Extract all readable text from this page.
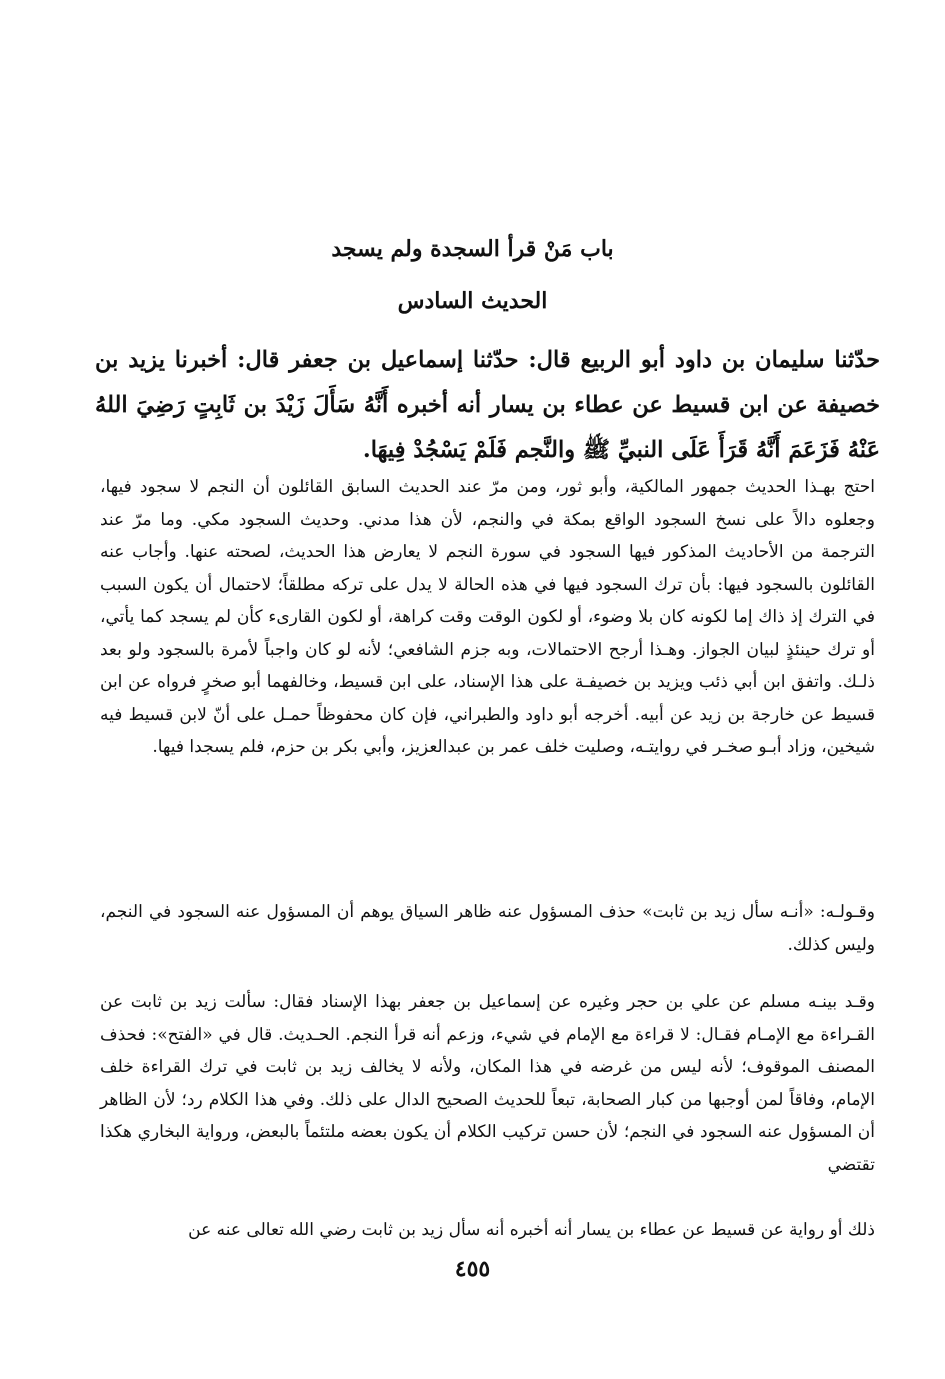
باب مَنْ قرأ السجدة ولم يسجد
الحديث السادس

حدّثنا سليمان بن داود أبو الربيع قال: حدّثنا إسماعيل بن جعفر قال: أخبرنا يزيد بن خصيفة عن ابن قسيط عن عطاء بن يسار أنه أخبره أَنَّهُ سَأَلَ زَيْدَ بن ثَابِتٍ رَضِيَ اللهُ عَنْهُ فَزَعَمَ أَنَّهُ قَرَأَ عَلَى النبيِّ ﷺ والنَّجم فَلَمْ يَسْجُدْ فِيهَا.

احتج بهـذا الحديث جمهور المالكية، وأبو ثور، ومن مرّ عند الحديث السابق القائلون أن النجم لا سجود فيها، وجعلوه دالاً على نسخ السجود الواقع بمكة في والنجم، لأن هذا مدني. وحديث السجود مكي. وما مرّ عند الترجمة من الأحاديث المذكور فيها السجود في سورة النجم لا يعارض هذا الحديث، لصحته عنها. وأجاب عنه القائلون بالسجود فيها: بأن ترك السجود فيها في هذه الحالة لا يدل على تركه مطلقاً؛ لاحتمال أن يكون السبب في الترك إذ ذاك إما لكونه كان بلا وضوء، أو لكون الوقت وقت كراهة، أو لكون القارىء كأن لم يسجد كما يأتي، أو ترك حينئذٍ لبيان الجواز. وهـذا أرجح الاحتمالات، وبه جزم الشافعي؛ لأنه لو كان واجباً لأمرة بالسجود ولو بعد ذلـك. واتفق ابن أبي ذئب ويزيد بن خصيفـة على هذا الإسناد، على ابن قسيط، وخالفهما أبو صخرٍ فرواه عن ابن قسيط عن خارجة بن زيد عن أبيه. أخرجه أبو داود والطبراني، فإن كان محفوظاً حمـل على أنّ لابن قسيط فيه شيخين، وزاد أبـو صخـر في روايتـه، وصليت خلف عمر بن عبدالعزيز، وأبي بكر بن حزم، فلم يسجدا فيها.

وقـولـه: «أنـه سأل زيد بن ثابت» حذف المسؤول عنه ظاهر السياق يوهم أن المسؤول عنه السجود في النجم، وليس كذلك.

وقـد بينـه مسلم عن علي بن حجر وغيره عن إسماعيل بن جعفر بهذا الإسناد فقال: سألت زيد بن ثابت عن القـراءة مع الإمـام فقـال: لا قراءة مع الإمام في شيء، وزعم أنه قرأ النجم. الحـديث. قال في «الفتح»: فحذف المصنف الموقوف؛ لأنه ليس من غرضه في هذا المكان، ولأنه لا يخالف زيد بن ثابت في ترك القراءة خلف الإمام، وفاقاً لمن أوجبها من كبار الصحابة، تبعاً للحديث الصحيح الدال على ذلك. وفي هذا الكلام رد؛ لأن الظاهر أن المسؤول عنه السجود في النجم؛ لأن حسن تركيب الكلام أن يكون بعضه ملتئماً بالبعض، ورواية البخاري هكذا تقتضي

ذلك أو رواية عن قسيط عن عطاء بن يسار أنه أخبره أنه سأل زيد بن ثابت رضي الله تعالى عنه عن

٤٥٥
